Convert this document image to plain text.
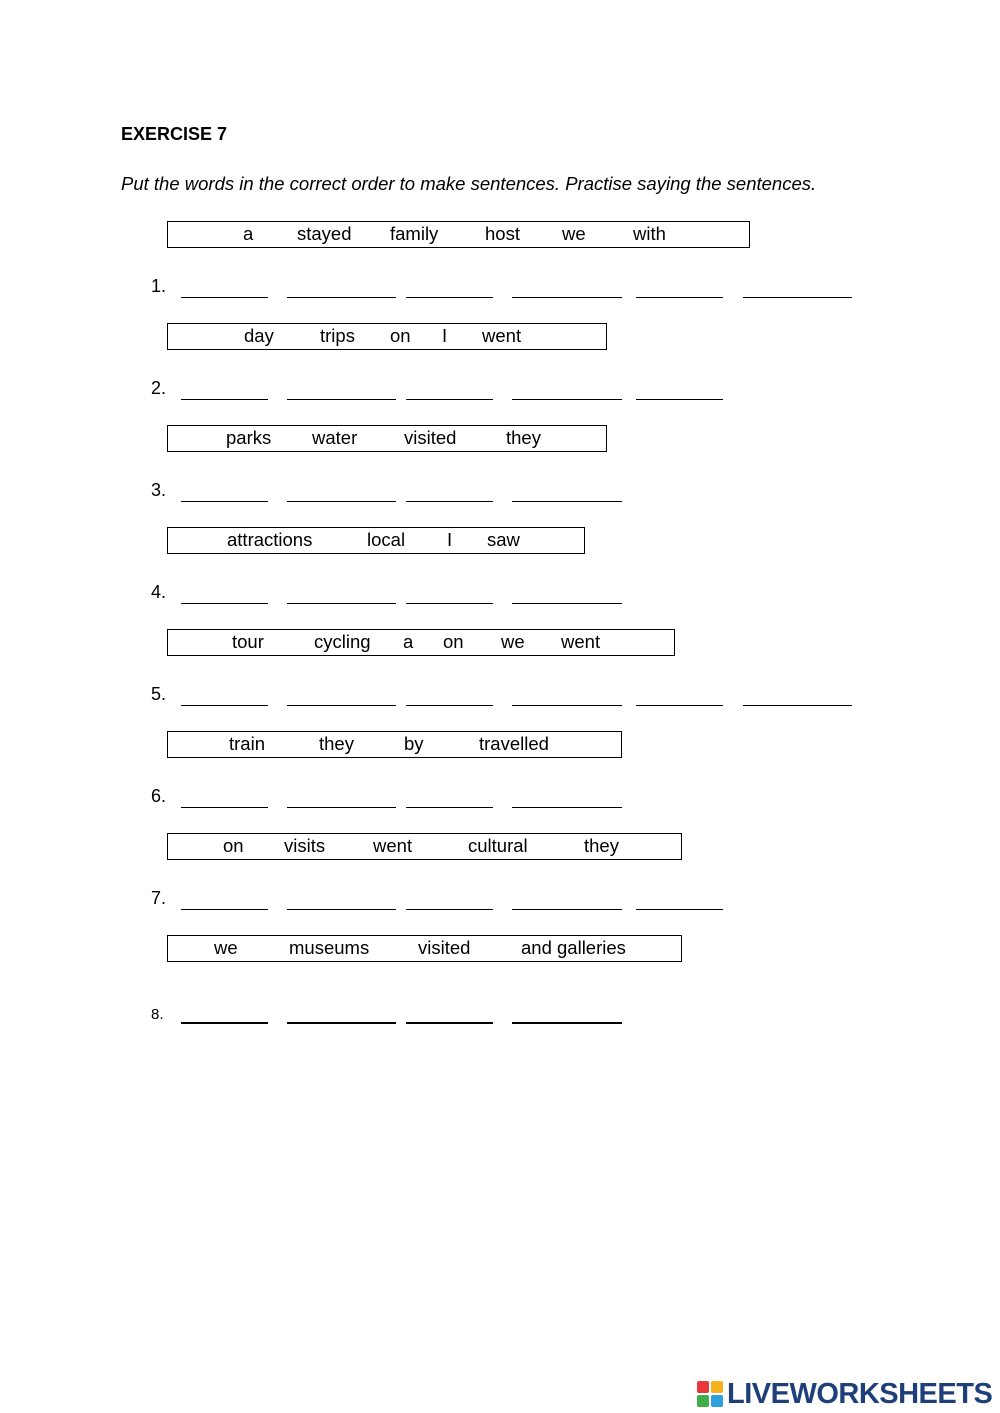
EXERCISE 7
Put the words in the correct order to make sentences. Practise saying the sentences.
a stayed family	host we	with
day trips on I went
parks water	visited	they
attractions	local I saw
tour	cycling a on we went
train	they	by	travelled
on visits	went	cultural	they
we	museums	visited	and galleries
1.
2.
3.
4.
5.
6.
7.
8.
LIVEWORKSHEETS
